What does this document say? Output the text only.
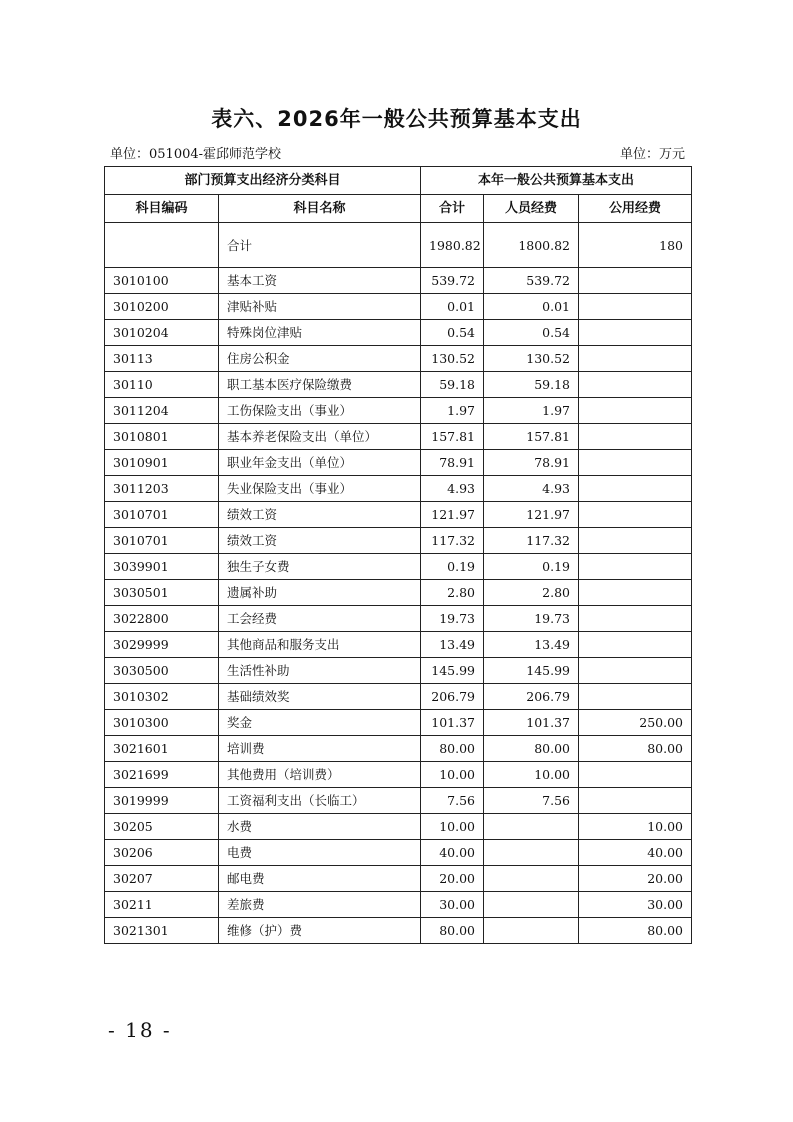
表六、2026年一般公共预算基本支出
单位：051004-霍邱师范学校	单位：万元
部门预算支出经济分类科目		本年一般公共预算基本支出		
科目编码	科目名称	合计	人员经费	公用经费
	合计	1980.82	1800.82	180
3010100	基本工资	539.72	539.72	
3010200	津贴补贴	0.01	0.01	
3010204	特殊岗位津贴	0.54	0.54	
30113	住房公积金	130.52	130.52	
30110	职工基本医疗保险缴费	59.18	59.18	
3011204	工伤保险支出（事业）	1.97	1.97	
3010801	基本养老保险支出（单位）	157.81	157.81	
3010901	职业年金支出（单位）	78.91	78.91	
3011203	失业保险支出（事业）	4.93	4.93	
3010701	绩效工资	121.97	121.97	
3010701	绩效工资	117.32	117.32	
3039901	独生子女费	0.19	0.19	
3030501	遗属补助	2.80	2.80	
3022800	工会经费	19.73	19.73	
3029999	其他商品和服务支出	13.49	13.49	
3030500	生活性补助	145.99	145.99	
3010302	基础绩效奖	206.79	206.79	
3010300	奖金	101.37	101.37	250.00
3021601	培训费	80.00	80.00	80.00
3021699	其他费用（培训费）	10.00	10.00	
3019999	工资福利支出（长临工）	7.56	7.56	
30205	水费	10.00		10.00
30206	电费	40.00		40.00
30207	邮电费	20.00		20.00
30211	差旅费	30.00		30.00
3021301	维修（护）费	80.00		80.00
- 18 -
